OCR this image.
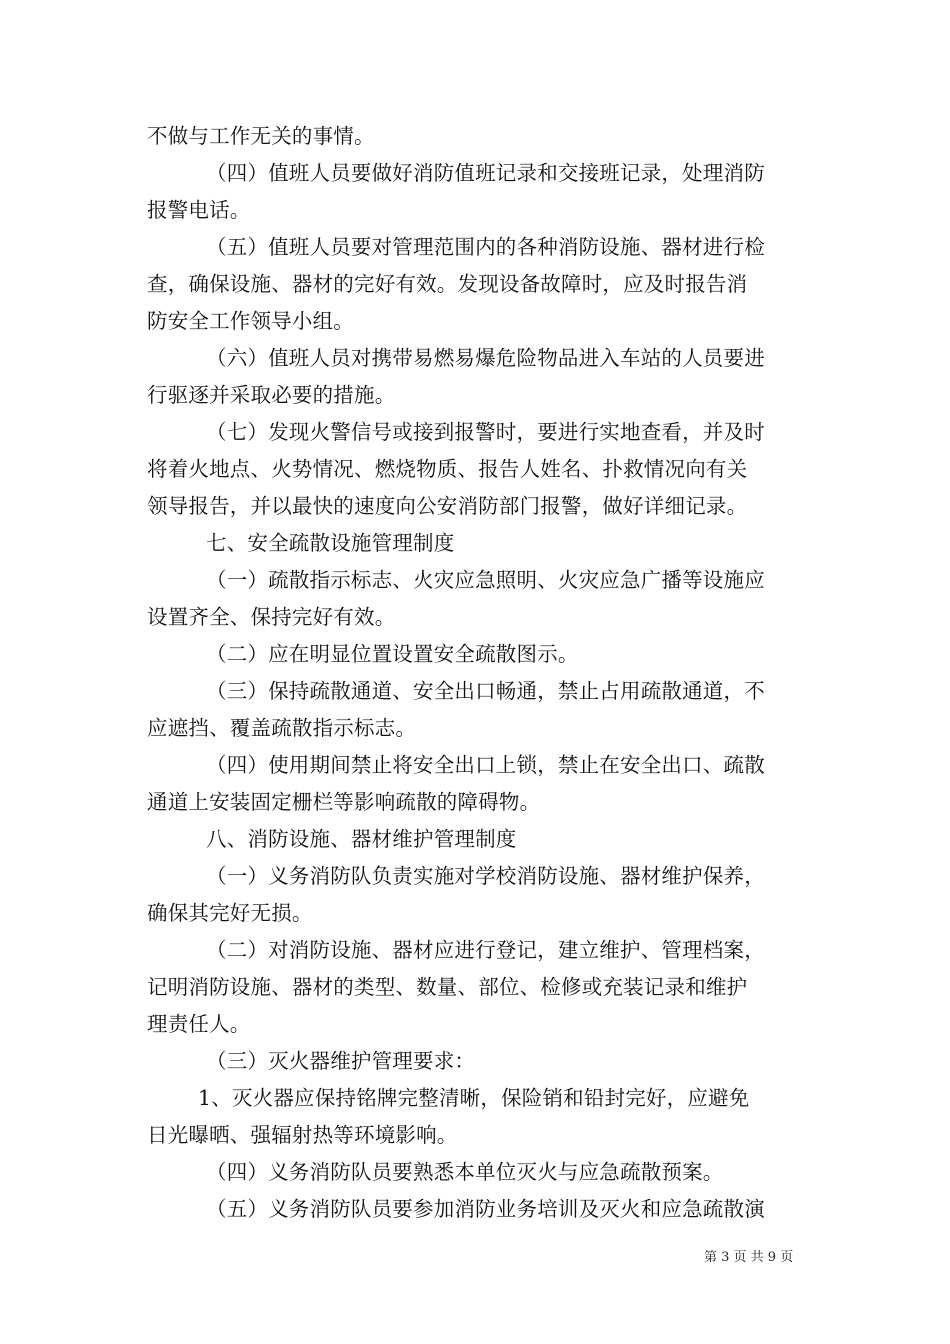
不做与工作无关的事情。
（四）值班人员要做好消防值班记录和交接班记录，处理消防
报警电话。
（五）值班人员要对管理范围内的各种消防设施、器材进行检
查，确保设施、器材的完好有效。发现设备故障时，应及时报告消
防安全工作领导小组。
（六）值班人员对携带易燃易爆危险物品进入车站的人员要进
行驱逐并采取必要的措施。
（七）发现火警信号或接到报警时，要进行实地查看，并及时
将着火地点、火势情况、燃烧物质、报告人姓名、扑救情况向有关
领导报告，并以最快的速度向公安消防部门报警，做好详细记录。
七、安全疏散设施管理制度
（一）疏散指示标志、火灾应急照明、火灾应急广播等设施应
设置齐全、保持完好有效。
（二）应在明显位置设置安全疏散图示。
（三）保持疏散通道、安全出口畅通，禁止占用疏散通道，不
应遮挡、覆盖疏散指示标志。
（四）使用期间禁止将安全出口上锁，禁止在安全出口、疏散
通道上安装固定栅栏等影响疏散的障碍物。
八、消防设施、器材维护管理制度
（一）义务消防队负责实施对学校消防设施、器材维护保养，
确保其完好无损。
（二）对消防设施、器材应进行登记，建立维护、管理档案，
记明消防设施、器材的类型、数量、部位、检修或充装记录和维护
理责任人。
（三）灭火器维护管理要求：
1、灭火器应保持铭牌完整清晰，保险销和铅封完好，应避免
日光曝晒、强辐射热等环境影响。
（四）义务消防队员要熟悉本单位灭火与应急疏散预案。
（五）义务消防队员要参加消防业务培训及灭火和应急疏散演
第 3 页 共 9 页
